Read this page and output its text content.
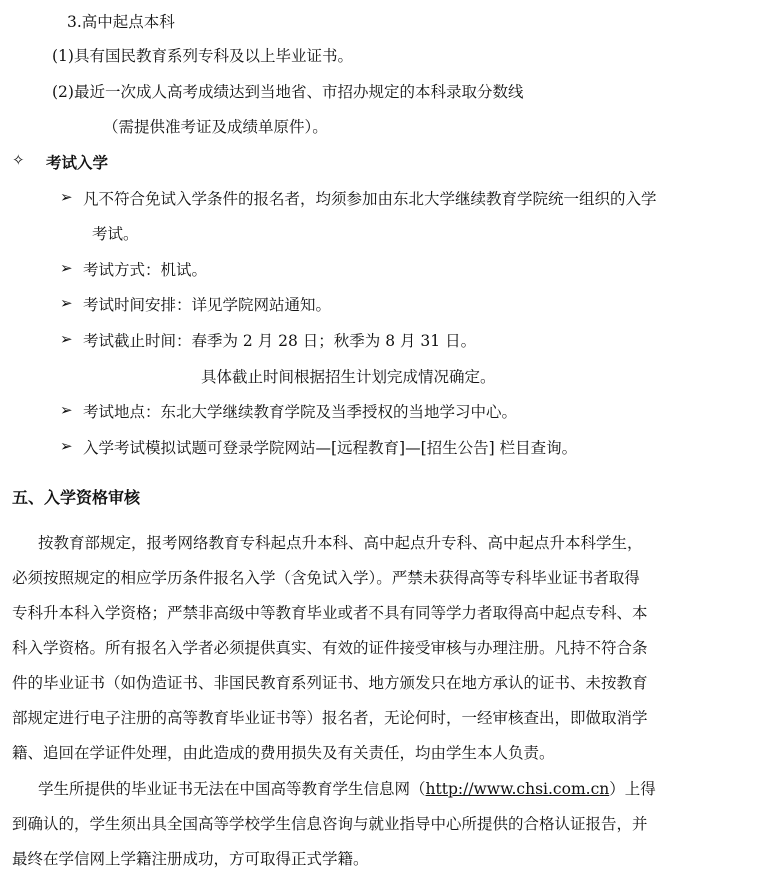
3.高中起点本科
(1)具有国民教育系列专科及以上毕业证书。
(2)最近一次成人高考成绩达到当地省、市招办规定的本科录取分数线
（需提供准考证及成绩单原件）。
✧ 考试入学
➢ 凡不符合免试入学条件的报名者，均须参加由东北大学继续教育学院统一组织的入学
考试。
➢ 考试方式：机试。
➢ 考试时间安排：详见学院网站通知。
➢ 考试截止时间：春季为 2 月 28 日；秋季为 8 月 31 日。
具体截止时间根据招生计划完成情况确定。
➢ 考试地点：东北大学继续教育学院及当季授权的当地学习中心。
➢ 入学考试模拟试题可登录学院网站—[远程教育]—[招生公告] 栏目查询。
五、入学资格审核
按教育部规定，报考网络教育专科起点升本科、高中起点升专科、高中起点升本科学生，
必须按照规定的相应学历条件报名入学（含免试入学）。严禁未获得高等专科毕业证书者取得
专科升本科入学资格；严禁非高级中等教育毕业或者不具有同等学力者取得高中起点专科、本
科入学资格。所有报名入学者必须提供真实、有效的证件接受审核与办理注册。凡持不符合条
件的毕业证书（如伪造证书、非国民教育系列证书、地方颁发只在地方承认的证书、未按教育
部规定进行电子注册的高等教育毕业证书等）报名者，无论何时，一经审核查出，即做取消学
籍、追回在学证件处理，由此造成的费用损失及有关责任，均由学生本人负责。
学生所提供的毕业证书无法在中国高等教育学生信息网（http://www.chsi.com.cn）上得
到确认的，学生须出具全国高等学校学生信息咨询与就业指导中心所提供的合格认证报告，并
最终在学信网上学籍注册成功，方可取得正式学籍。
